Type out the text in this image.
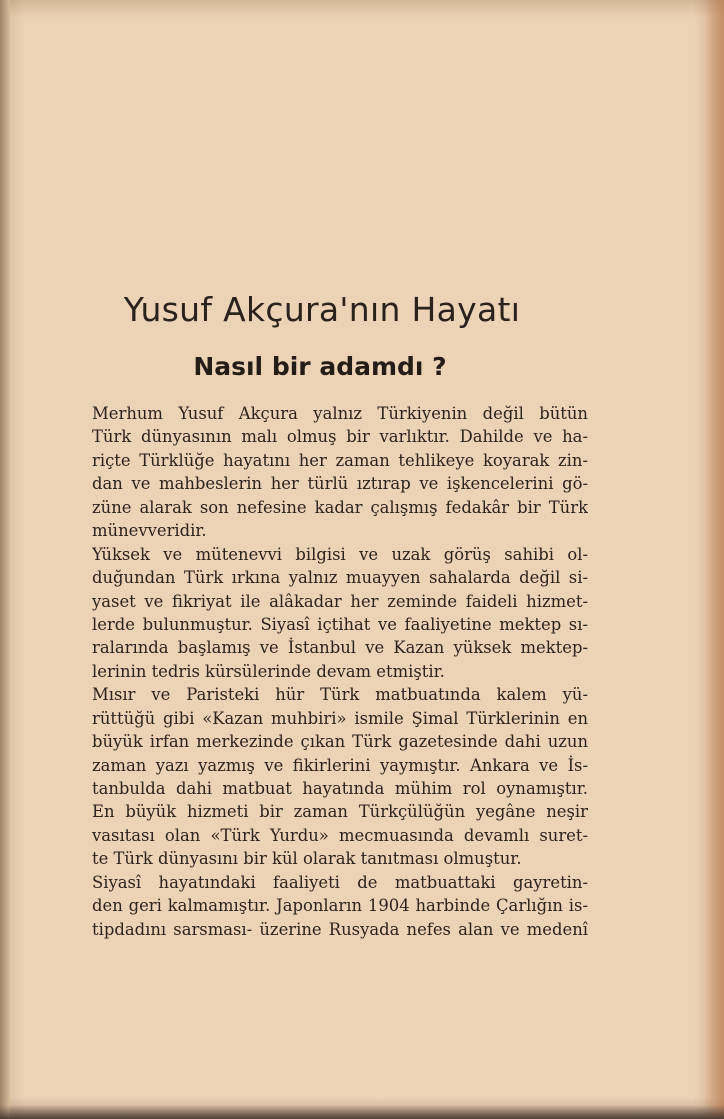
Yusuf Akçura'nın Hayatı
Nasıl bir adamdı ?
Merhum Yusuf Akçura yalnız Türkiyenin değil bütün
Türk dünyasının malı olmuş bir varlıktır. Dahilde ve ha-
riçte Türklüğe hayatını her zaman tehlikeye koyarak zin-
dan ve mahbeslerin her türlü ıztırap ve işkencelerini gö-
züne alarak son nefesine kadar çalışmış fedakâr bir Türk
münevveridir.
Yüksek ve mütenevvi bilgisi ve uzak görüş sahibi ol-
duğundan Türk ırkına yalnız muayyen sahalarda değil si-
yaset ve fikriyat ile alâkadar her zeminde faideli hizmet-
lerde bulunmuştur. Siyasî içtihat ve faaliyetine mektep sı-
ralarında başlamış ve İstanbul ve Kazan yüksek mektep-
lerinin tedris kürsülerinde devam etmiştir.
Mısır ve Paristeki hür Türk matbuatında kalem yü-
rüttüğü gibi «Kazan muhbiri» ismile Şimal Türklerinin en
büyük irfan merkezinde çıkan Türk gazetesinde dahi uzun
zaman yazı yazmış ve fikirlerini yaymıştır. Ankara ve İs-
tanbulda dahi matbuat hayatında mühim rol oynamıştır.
En büyük hizmeti bir zaman Türkçülüğün yegâne neşir
vasıtası olan «Türk Yurdu» mecmuasında devamlı suret-
te Türk dünyasını bir kül olarak tanıtması olmuştur.
Siyasî hayatındaki faaliyeti de matbuattaki gayretin-
den geri kalmamıştır. Japonların 1904 harbinde Çarlığın is-
tipdadını sarsması- üzerine Rusyada nefes alan ve medenî
